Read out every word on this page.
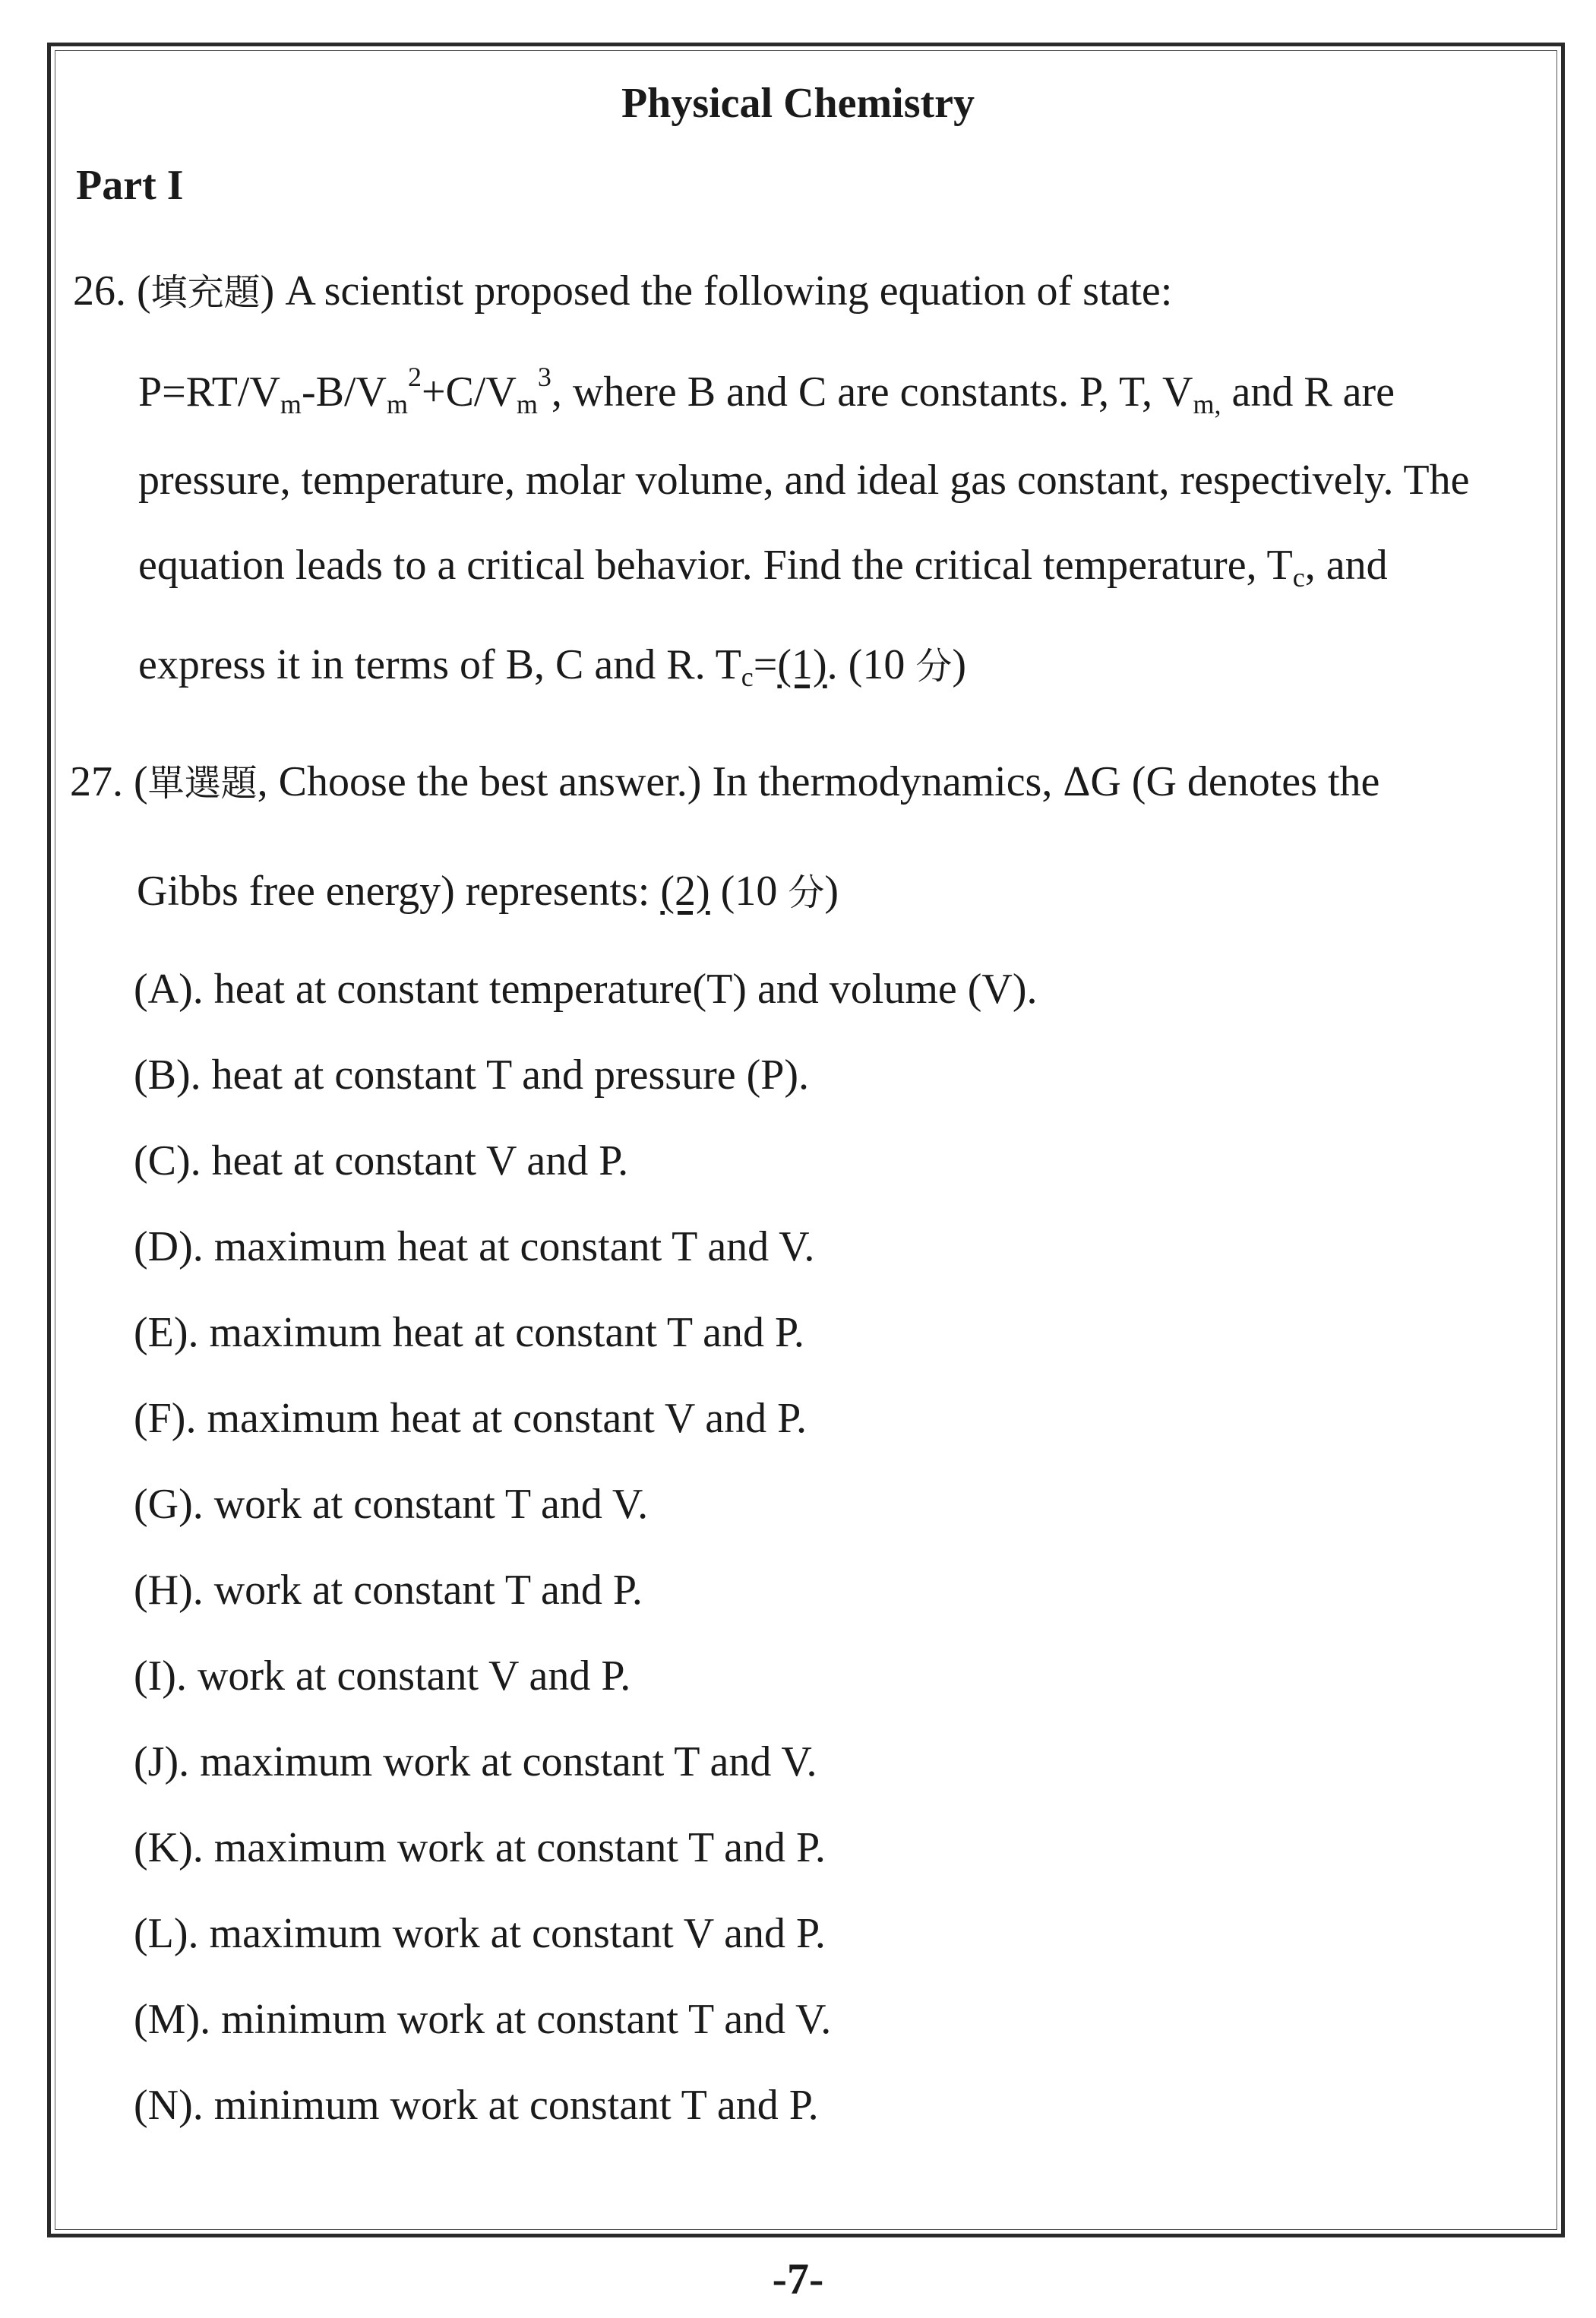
Physical Chemistry
Part I
26. (填充題) A scientist proposed the following equation of state:
$P=RT/V_m-B/V_m^2+C/V_m^3$, where B and C are constants. P, T, $V_{m,}$ and R are
pressure, temperature, molar volume, and ideal gas constant, respectively. The
equation leads to a critical behavior. Find the critical temperature, $T_c$, and
express it in terms of B, C and R. $T_c=(1)$. (10 分)
27. (單選題, Choose the best answer.) In thermodynamics, ΔG (G denotes the
Gibbs free energy) represents: (2) (10 分)
(A). heat at constant temperature(T) and volume (V).
(B). heat at constant T and pressure (P).
(C). heat at constant V and P.
(D). maximum heat at constant T and V.
(E). maximum heat at constant T and P.
(F). maximum heat at constant V and P.
(G). work at constant T and V.
(H). work at constant T and P.
(I). work at constant V and P.
(J). maximum work at constant T and V.
(K). maximum work at constant T and P.
(L). maximum work at constant V and P.
(M). minimum work at constant T and V.
(N). minimum work at constant T and P.
-7-
